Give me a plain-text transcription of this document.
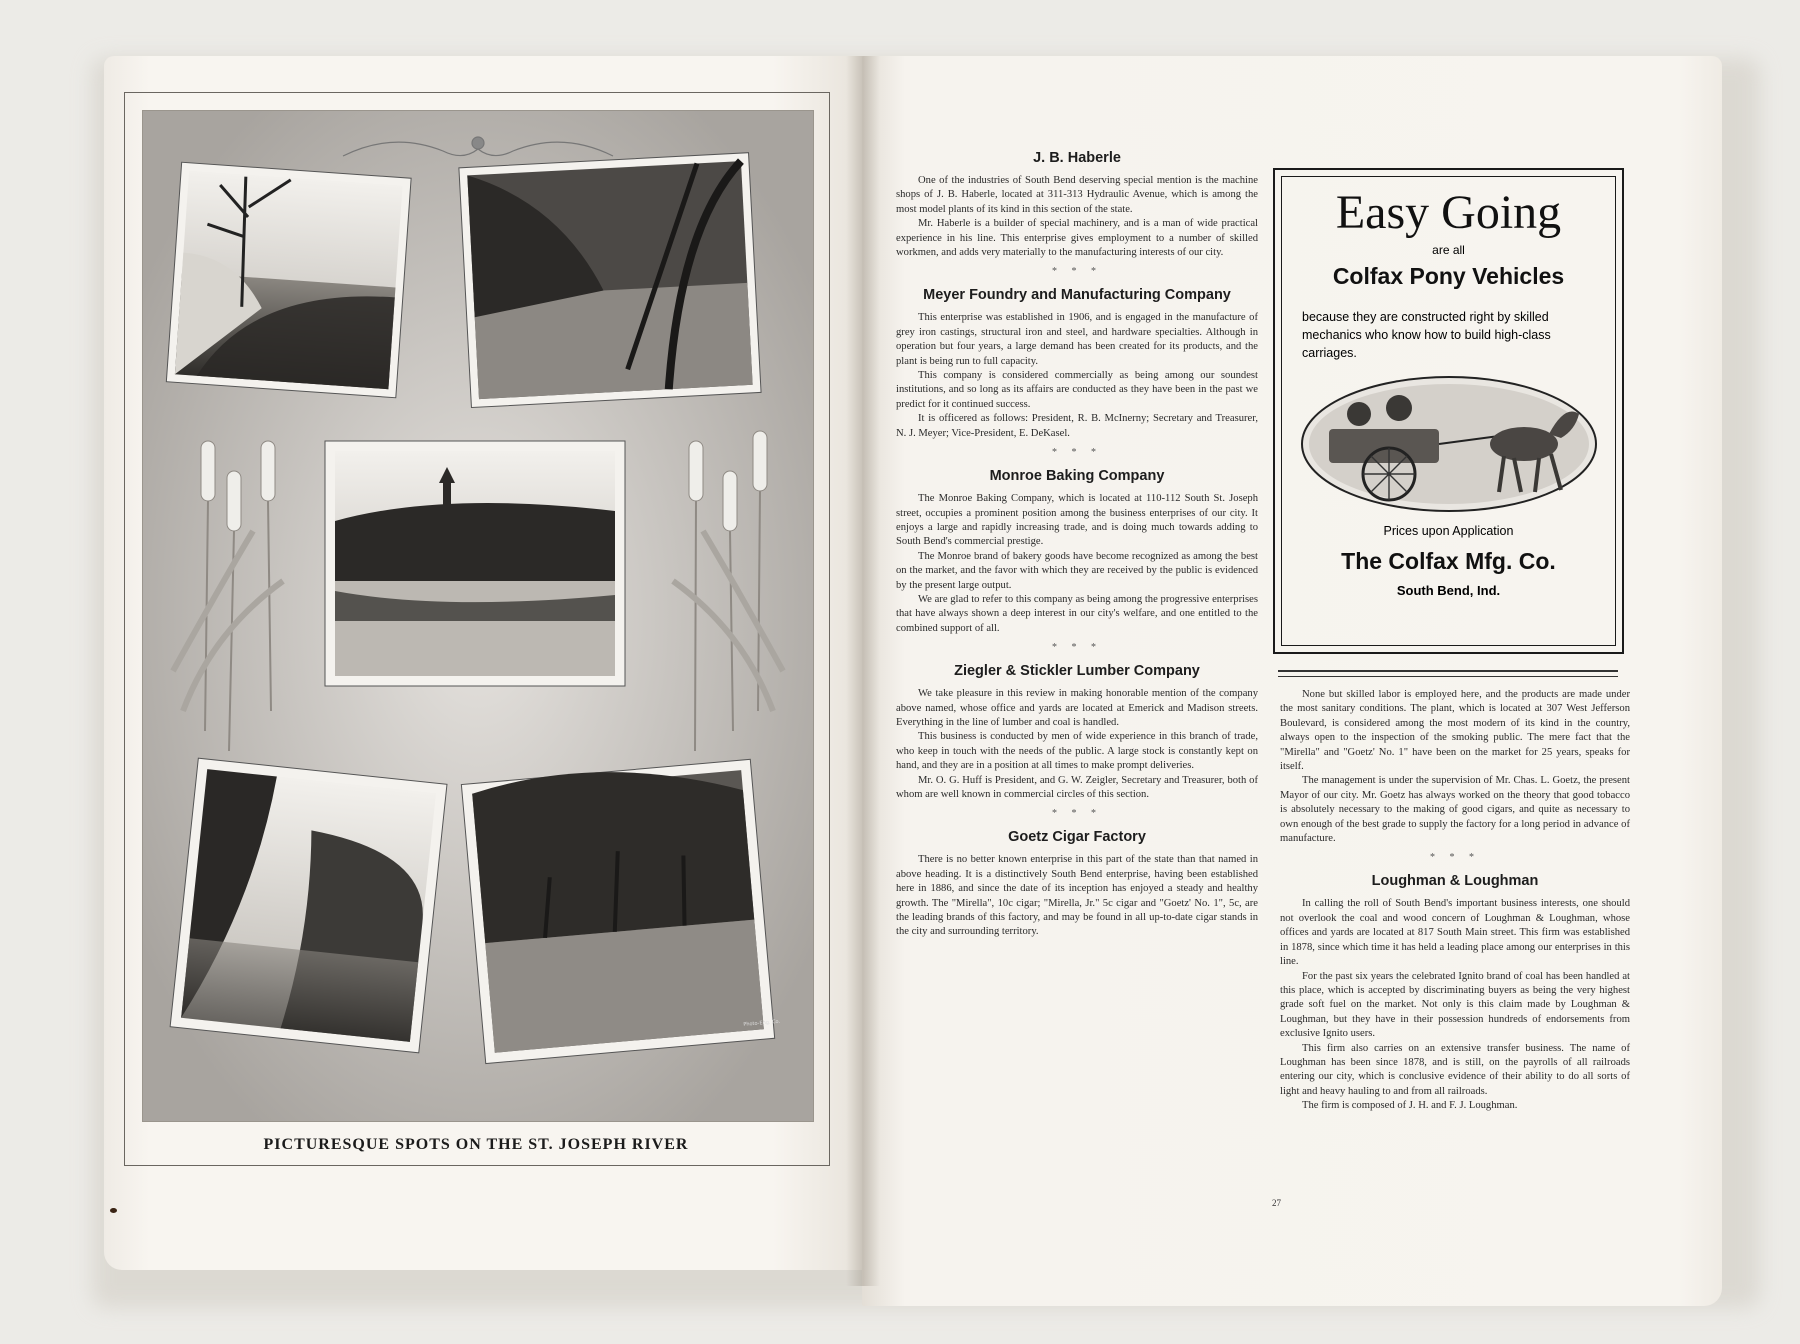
Photo-Eng. Co.
PICTURESQUE SPOTS ON THE ST. JOSEPH RIVER
J. B. Haberle

One of the industries of South Bend deserving special mention is the machine shops of J. B. Haberle, located at 311-313 Hydraulic Avenue, which is among the most model plants of its kind in this section of the state.

Mr. Haberle is a builder of special machinery, and is a man of wide practical experience in his line. This enterprise gives employment to a number of skilled workmen, and adds very materially to the manufacturing interests of our city.

* * *
Meyer Foundry and Manufacturing Company

This enterprise was established in 1906, and is engaged in the manufacture of grey iron castings, structural iron and steel, and hardware specialties. Although in operation but four years, a large demand has been created for its products, and the plant is being run to full capacity.

This company is considered commercially as being among our soundest institutions, and so long as its affairs are conducted as they have been in the past we predict for it continued success.

It is officered as follows: President, R. B. McInerny; Secretary and Treasurer, N. J. Meyer; Vice-President, E. DeKasel.

* * *
Monroe Baking Company

The Monroe Baking Company, which is located at 110-112 South St. Joseph street, occupies a prominent position among the business enterprises of our city. It enjoys a large and rapidly increasing trade, and is doing much towards adding to South Bend's commercial prestige.

The Monroe brand of bakery goods have become recognized as among the best on the market, and the favor with which they are received by the public is evidenced by the present large output.

We are glad to refer to this company as being among the progressive enterprises that have always shown a deep interest in our city's welfare, and one entitled to the combined support of all.

* * *
Ziegler & Stickler Lumber Company

We take pleasure in this review in making honorable mention of the company above named, whose office and yards are located at Emerick and Madison streets. Everything in the line of lumber and coal is handled.

This business is conducted by men of wide experience in this branch of trade, who keep in touch with the needs of the public. A large stock is constantly kept on hand, and they are in a position at all times to make prompt deliveries.

Mr. O. G. Huff is President, and G. W. Zeigler, Secretary and Treasurer, both of whom are well known in commercial circles of this section.

* * *
Goetz Cigar Factory

There is no better known enterprise in this part of the state than that named in above heading. It is a distinctively South Bend enterprise, having been established here in 1886, and since the date of its inception has enjoyed a steady and healthy growth. The "Mirella", 10c cigar; "Mirella, Jr." 5c cigar and "Goetz' No. 1", 5c, are the leading brands of this factory, and may be found in all up-to-date cigar stands in the city and surrounding territory.

Easy Going
are all
Colfax Pony Vehicles
because they are constructed right by skilled mechanics who know how to build high-class carriages.
Prices upon Application
The Colfax Mfg. Co.
South Bend, Ind.

None but skilled labor is employed here, and the products are made under the most sanitary conditions. The plant, which is located at 307 West Jefferson Boulevard, is considered among the most modern of its kind in the country, always open to the inspection of the smoking public. The mere fact that the "Mirella" and "Goetz' No. 1" have been on the market for 25 years, speaks for itself.

The management is under the supervision of Mr. Chas. L. Goetz, the present Mayor of our city. Mr. Goetz has always worked on the theory that good tobacco is absolutely necessary to the making of good cigars, and quite as necessary to own enough of the best grade to supply the factory for a long period in advance of manufacture.

* * *
Loughman & Loughman

In calling the roll of South Bend's important business interests, one should not overlook the coal and wood concern of Loughman & Loughman, whose offices and yards are located at 817 South Main street. This firm was established in 1878, since which time it has held a leading place among our enterprises in this line.

For the past six years the celebrated Ignito brand of coal has been handled at this place, which is accepted by discriminating buyers as being the very highest grade soft fuel on the market. Not only is this claim made by Loughman & Loughman, but they have in their possession hundreds of endorsements from exclusive Ignito users.

This firm also carries on an extensive transfer business. The name of Loughman has been since 1878, and is still, on the payrolls of all railroads entering our city, which is conclusive evidence of their ability to do all sorts of light and heavy hauling to and from all railroads.

The firm is composed of J. H. and F. J. Loughman.

27
